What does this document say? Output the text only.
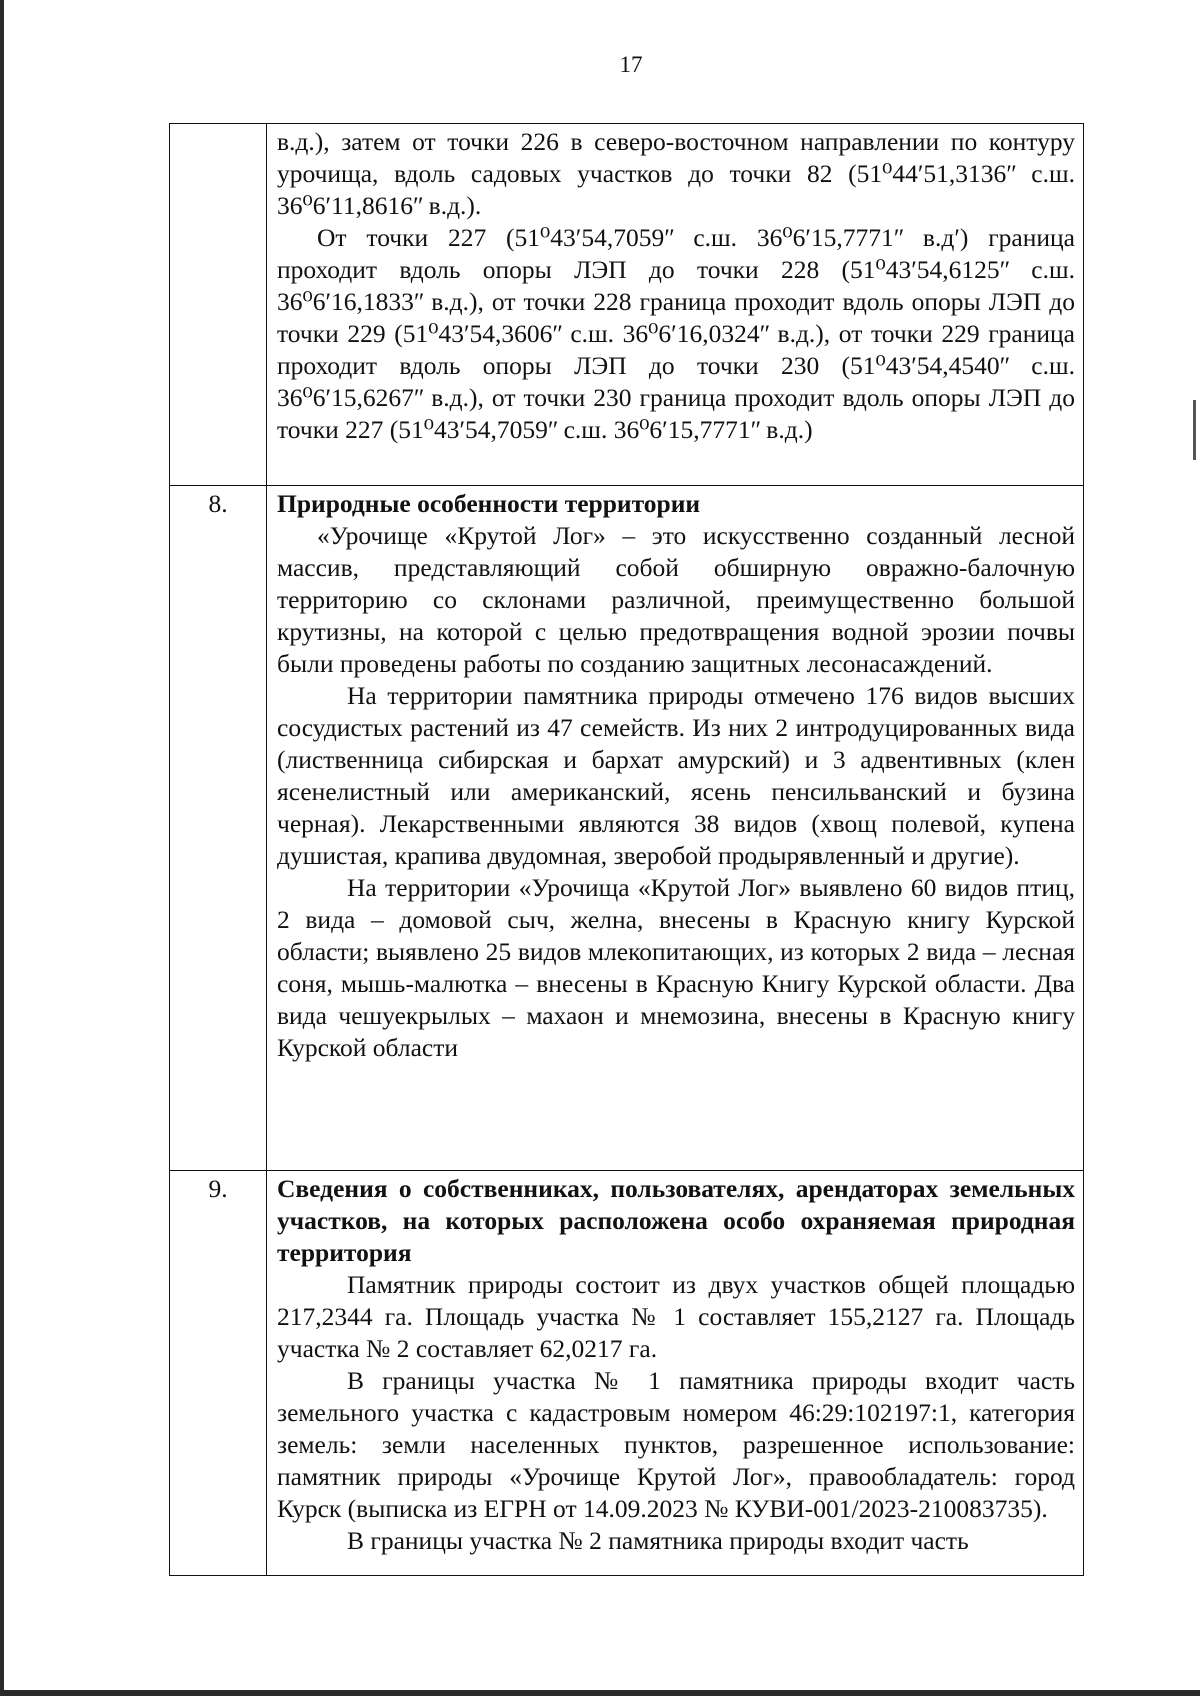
17

	в.д.), затем от точки 226 в северо-восточном направлении по контуру урочища, вдоль садовых участков до точки 82 (51⁰44ʹ51,3136ʺ с.ш. 36⁰6ʹ11,8616ʺ в.д.).

От точки 227 (51⁰43ʹ54,7059ʺ с.ш. 36⁰6ʹ15,7771ʺ в.дʹ) граница проходит вдоль опоры ЛЭП до точки 228 (51⁰43ʹ54,6125ʺ с.ш. 36⁰6ʹ16,1833ʺ в.д.), от точки 228 граница проходит вдоль опоры ЛЭП до точки 229 (51⁰43ʹ54,3606ʺ с.ш. 36⁰6ʹ16,0324ʺ в.д.), от точки 229 граница проходит вдоль опоры ЛЭП до точки 230 (51⁰43ʹ54,4540ʺ с.ш. 36⁰6ʹ15,6267ʺ в.д.), от точки 230 граница проходит вдоль опоры ЛЭП до точки 227 (51⁰43ʹ54,7059ʺ с.ш. 36⁰6ʹ15,7771ʺ в.д.)

8.	Природные особенности территории

«Урочище «Крутой Лог» – это искусственно созданный лесной массив, представляющий собой обширную овражно-балочную территорию со склонами различной, преимущественно большой крутизны, на которой с целью предотвращения водной эрозии почвы были проведены работы по созданию защитных лесонасаждений.

На территории памятника природы отмечено 176 видов высших сосудистых растений из 47 семейств. Из них 2 интродуцированных вида (лиственница сибирская и бархат амурский) и 3 адвентивных (клен ясенелистный или американский, ясень пенсильванский и бузина черная). Лекарственными являются 38 видов (хвощ полевой, купена душистая, крапива двудомная, зверобой продырявленный и другие).

На территории «Урочища «Крутой Лог» выявлено 60 видов птиц, 2 вида – домовой сыч, желна, внесены в Красную книгу Курской области; выявлено 25 видов млекопитающих, из которых 2 вида – лесная соня, мышь-малютка – внесены в Красную Книгу Курской области. Два вида чешуекрылых – махаон и мнемозина, внесены в Красную книгу Курской области

9.	Сведения о собственниках, пользователях, арендаторах земельных участков, на которых расположена особо охраняемая природная территория

Памятник природы состоит из двух участков общей площадью 217,2344 га. Площадь участка № 1 составляет 155,2127 га. Площадь участка № 2 составляет 62,0217 га.

В границы участка № 1 памятника природы входит часть земельного участка с кадастровым номером 46:29:102197:1, категория земель: земли населенных пунктов, разрешенное использование: памятник природы «Урочище Крутой Лог», правообладатель: город Курск (выписка из ЕГРН от 14.09.2023 № КУВИ-001/2023-210083735).

В границы участка № 2 памятника природы входит часть
